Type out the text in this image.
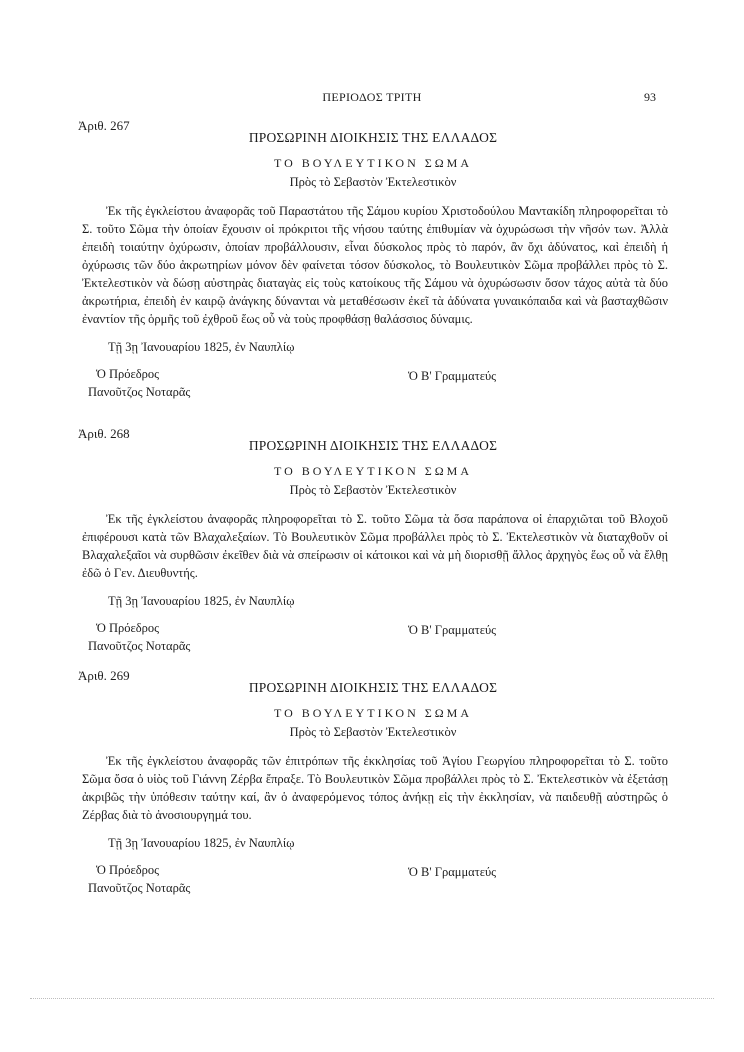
ΠΕΡΙΟΔΟΣ ΤΡΙΤΗ	93
Ἀριθ. 267
ΠΡΟΣΩΡΙΝΗ ΔΙΟΙΚΗΣΙΣ ΤΗΣ ΕΛΛΑΔΟΣ
ΤΟ ΒΟΥΛΕΥΤΙΚΟΝ ΣΩΜΑ
Πρὸς τὸ Σεβαστὸν Ἐκτελεστικὸν

Ἐκ τῆς ἐγκλείστου ἀναφορᾶς τοῦ Παραστάτου τῆς Σάμου κυρίου Χριστοδούλου Μαντακίδη πληροφορεῖται τὸ Σ. τοῦτο Σῶμα τὴν ὁποίαν ἔχουσιν οἱ πρόκριτοι τῆς νήσου ταύτης ἐπιθυμίαν νὰ ὀχυρώσωσι τὴν νῆσόν των. Ἀλλὰ ἐπειδὴ τοιαύτην ὀχύρωσιν, ὁποίαν προβάλλουσιν, εἶναι δύσκολος πρὸς τὸ παρόν, ἂν ὄχι ἀδύνατος, καὶ ἐπειδὴ ἡ ὀχύρωσις τῶν δύο ἀκρωτηρίων μόνον δὲν φαίνεται τόσον δύσκολος, τὸ Βουλευτικὸν Σῶμα προβάλλει πρὸς τὸ Σ. Ἐκτελεστικὸν νὰ δώσῃ αὐστηρὰς διαταγὰς εἰς τοὺς κατοίκους τῆς Σάμου νὰ ὀχυρώσωσιν ὅσον τάχος αὐτὰ τὰ δύο ἀκρωτήρια, ἐπειδὴ ἐν καιρῷ ἀνάγκης δύνανται νὰ μεταθέσωσιν ἐκεῖ τὰ ἀδύνατα γυναικόπαιδα καὶ νὰ βασταχθῶσιν ἐναντίον τῆς ὁρμῆς τοῦ ἐχθροῦ ἕως οὗ νὰ τοὺς προφθάσῃ θαλάσσιος δύναμις.

Τῇ 3ῃ Ἰανουαρίου 1825, ἐν Ναυπλίῳ
Ὁ Πρόεδρος
Πανοῦτζος Νοταρᾶς
Ὁ Β' Γραμματεύς
Ἀριθ. 268
ΠΡΟΣΩΡΙΝΗ ΔΙΟΙΚΗΣΙΣ ΤΗΣ ΕΛΛΑΔΟΣ
ΤΟ ΒΟΥΛΕΥΤΙΚΟΝ ΣΩΜΑ
Πρὸς τὸ Σεβαστὸν Ἐκτελεστικὸν

Ἐκ τῆς ἐγκλείστου ἀναφορᾶς πληροφορεῖται τὸ Σ. τοῦτο Σῶμα τὰ ὅσα παράπονα οἱ ἐπαρχιῶται τοῦ Βλοχοῦ ἐπιφέρουσι κατὰ τῶν Βλαχαλεξαίων. Τὸ Βουλευτικὸν Σῶμα προβάλλει πρὸς τὸ Σ. Ἐκτελεστικὸν νὰ διαταχθοῦν οἱ Βλαχαλεξαῖοι νὰ συρθῶσιν ἐκεῖθεν διὰ νὰ σπείρωσιν οἱ κάτοικοι καὶ νὰ μὴ διορισθῇ ἄλλος ἀρχηγὸς ἕως οὗ νὰ ἔλθῃ ἐδῶ ὁ Γεν. Διευθυντής.

Τῇ 3ῃ Ἰανουαρίου 1825, ἐν Ναυπλίῳ
Ὁ Πρόεδρος
Πανοῦτζος Νοταρᾶς
Ὁ Β' Γραμματεύς
Ἀριθ. 269
ΠΡΟΣΩΡΙΝΗ ΔΙΟΙΚΗΣΙΣ ΤΗΣ ΕΛΛΑΔΟΣ
ΤΟ ΒΟΥΛΕΥΤΙΚΟΝ ΣΩΜΑ
Πρὸς τὸ Σεβαστὸν Ἐκτελεστικὸν

Ἐκ τῆς ἐγκλείστου ἀναφορᾶς τῶν ἐπιτρόπων τῆς ἐκκλησίας τοῦ Ἁγίου Γεωργίου πληροφορεῖται τὸ Σ. τοῦτο Σῶμα ὅσα ὁ υἱὸς τοῦ Γιάννη Ζέρβα ἔπραξε. Τὸ Βουλευτικὸν Σῶμα προβάλλει πρὸς τὸ Σ. Ἐκτελεστικὸν νὰ ἐξετάσῃ ἀκριβῶς τὴν ὑπόθεσιν ταύτην καί, ἂν ὁ ἀναφερόμενος τόπος ἀνήκῃ εἰς τὴν ἐκκλησίαν, νὰ παιδευθῇ αὐστηρῶς ὁ Ζέρβας διὰ τὸ ἀνοσιουργημά του.

Τῇ 3ῃ Ἰανουαρίου 1825, ἐν Ναυπλίῳ
Ὁ Πρόεδρος
Πανοῦτζος Νοταρᾶς
Ὁ Β' Γραμματεύς
